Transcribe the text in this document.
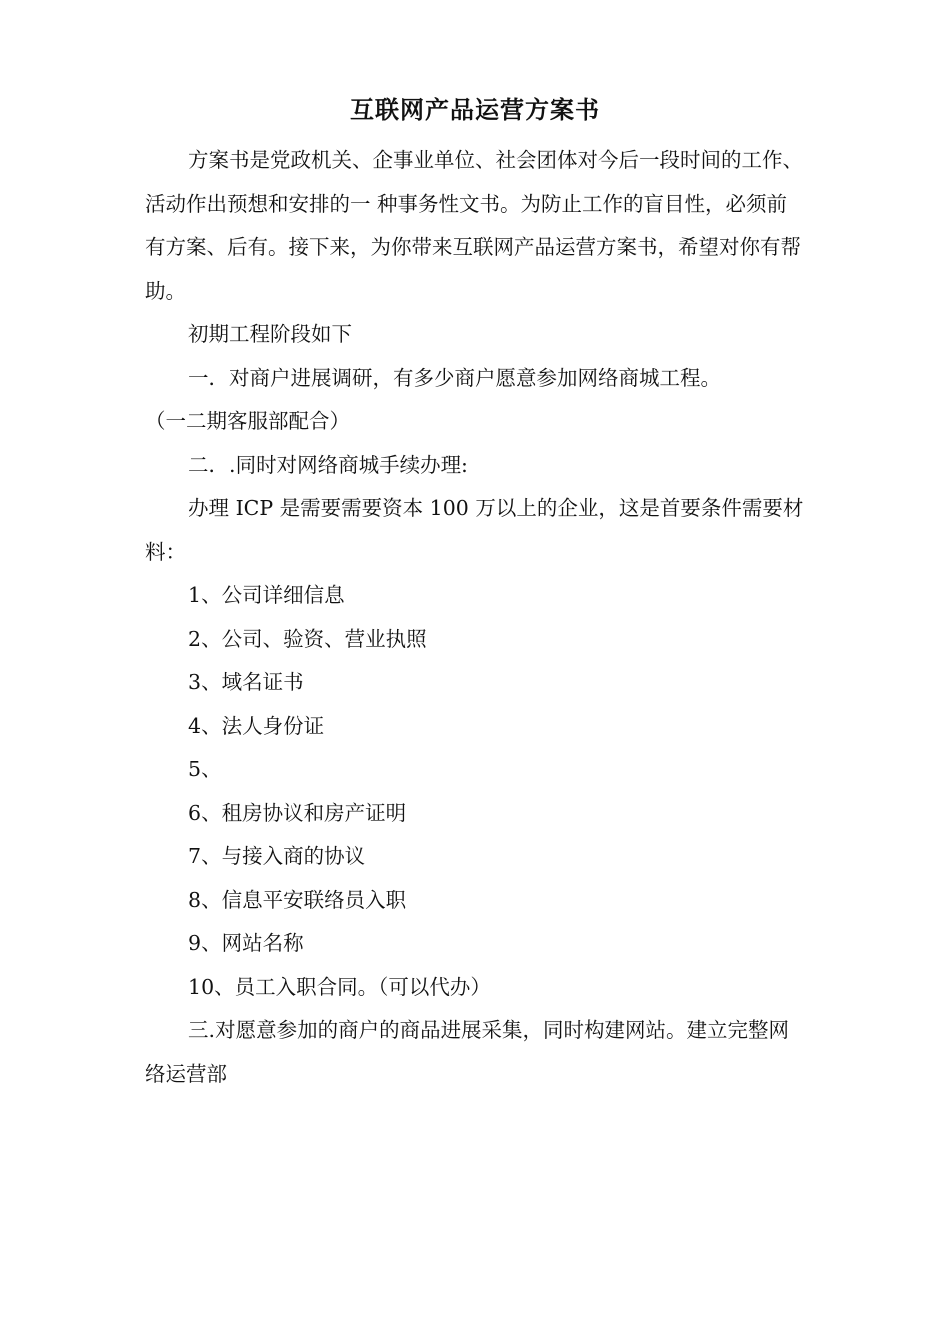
互联网产品运营方案书

方案书是党政机关、企事业单位、社会团体对今后一段时间的工作、活动作出预想和安排的一 种事务性文书。为防止工作的盲目性，必须前有方案、后有。接下来，为你带来互联网产品运营方案书，希望对你有帮助。

初期工程阶段如下

一．对商户进展调研，有多少商户愿意参加网络商城工程。

（一二期客服部配合）

二．.同时对网络商城手续办理:

办理 ICP 是需要需要资本 100 万以上的企业，这是首要条件需要材料：

1、公司详细信息

2、公司、验资、营业执照

3、域名证书

4、法人身份证

5、

6、租房协议和房产证明

7、与接入商的协议

8、信息平安联络员入职

9、网站名称

10、员工入职合同。（可以代办）

三.对愿意参加的商户的商品进展采集，同时构建网站。建立完整网络运营部
